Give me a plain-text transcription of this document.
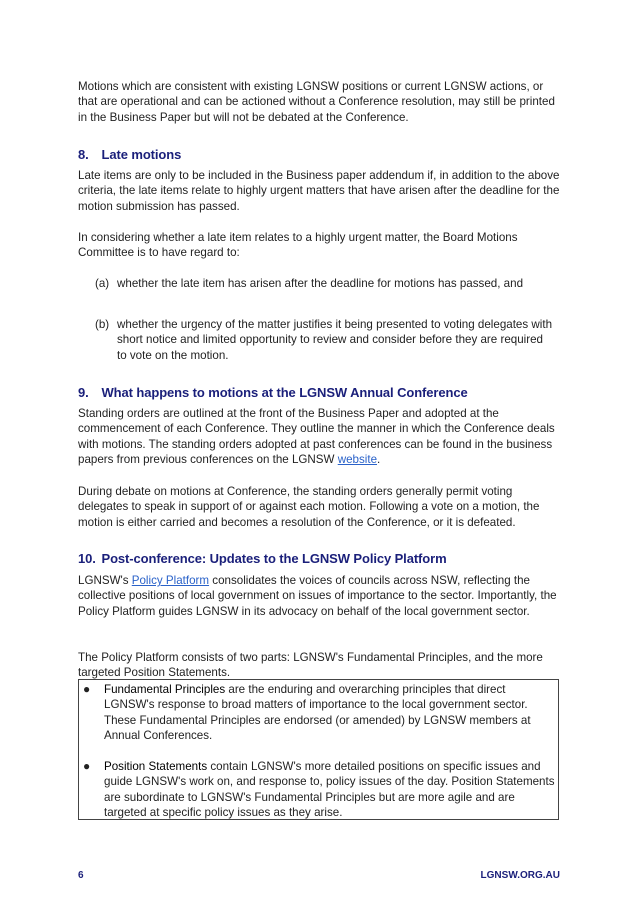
Motions which are consistent with existing LGNSW positions or current LGNSW actions, or that are operational and can be actioned without a Conference resolution, may still be printed in the Business Paper but will not be debated at the Conference.

8. Late motions

Late items are only to be included in the Business paper addendum if, in addition to the above criteria, the late items relate to highly urgent matters that have arisen after the deadline for the motion submission has passed.

In considering whether a late item relates to a highly urgent matter, the Board Motions Committee is to have regard to:

(a) whether the late item has arisen after the deadline for motions has passed, and
(b) whether the urgency of the matter justifies it being presented to voting delegates with short notice and limited opportunity to review and consider before they are required to vote on the motion.
9. What happens to motions at the LGNSW Annual Conference

Standing orders are outlined at the front of the Business Paper and adopted at the commencement of each Conference. They outline the manner in which the Conference deals with motions. The standing orders adopted at past conferences can be found in the business papers from previous conferences on the LGNSW website.

During debate on motions at Conference, the standing orders generally permit voting delegates to speak in support of or against each motion. Following a vote on a motion, the motion is either carried and becomes a resolution of the Conference, or it is defeated.

10. Post-conference: Updates to the LGNSW Policy Platform

LGNSW's Policy Platform consolidates the voices of councils across NSW, reflecting the collective positions of local government on issues of importance to the sector. Importantly, the Policy Platform guides LGNSW in its advocacy on behalf of the local government sector.

The Policy Platform consists of two parts: LGNSW's Fundamental Principles, and the more targeted Position Statements.

● Fundamental Principles are the enduring and overarching principles that direct LGNSW's response to broad matters of importance to the local government sector. These Fundamental Principles are endorsed (or amended) by LGNSW members at Annual Conferences.
● Position Statements contain LGNSW's more detailed positions on specific issues and guide LGNSW's work on, and response to, policy issues of the day. Position Statements are subordinate to LGNSW's Fundamental Principles but are more agile and are targeted at specific policy issues as they arise.
6	LGNSW.ORG.AU
